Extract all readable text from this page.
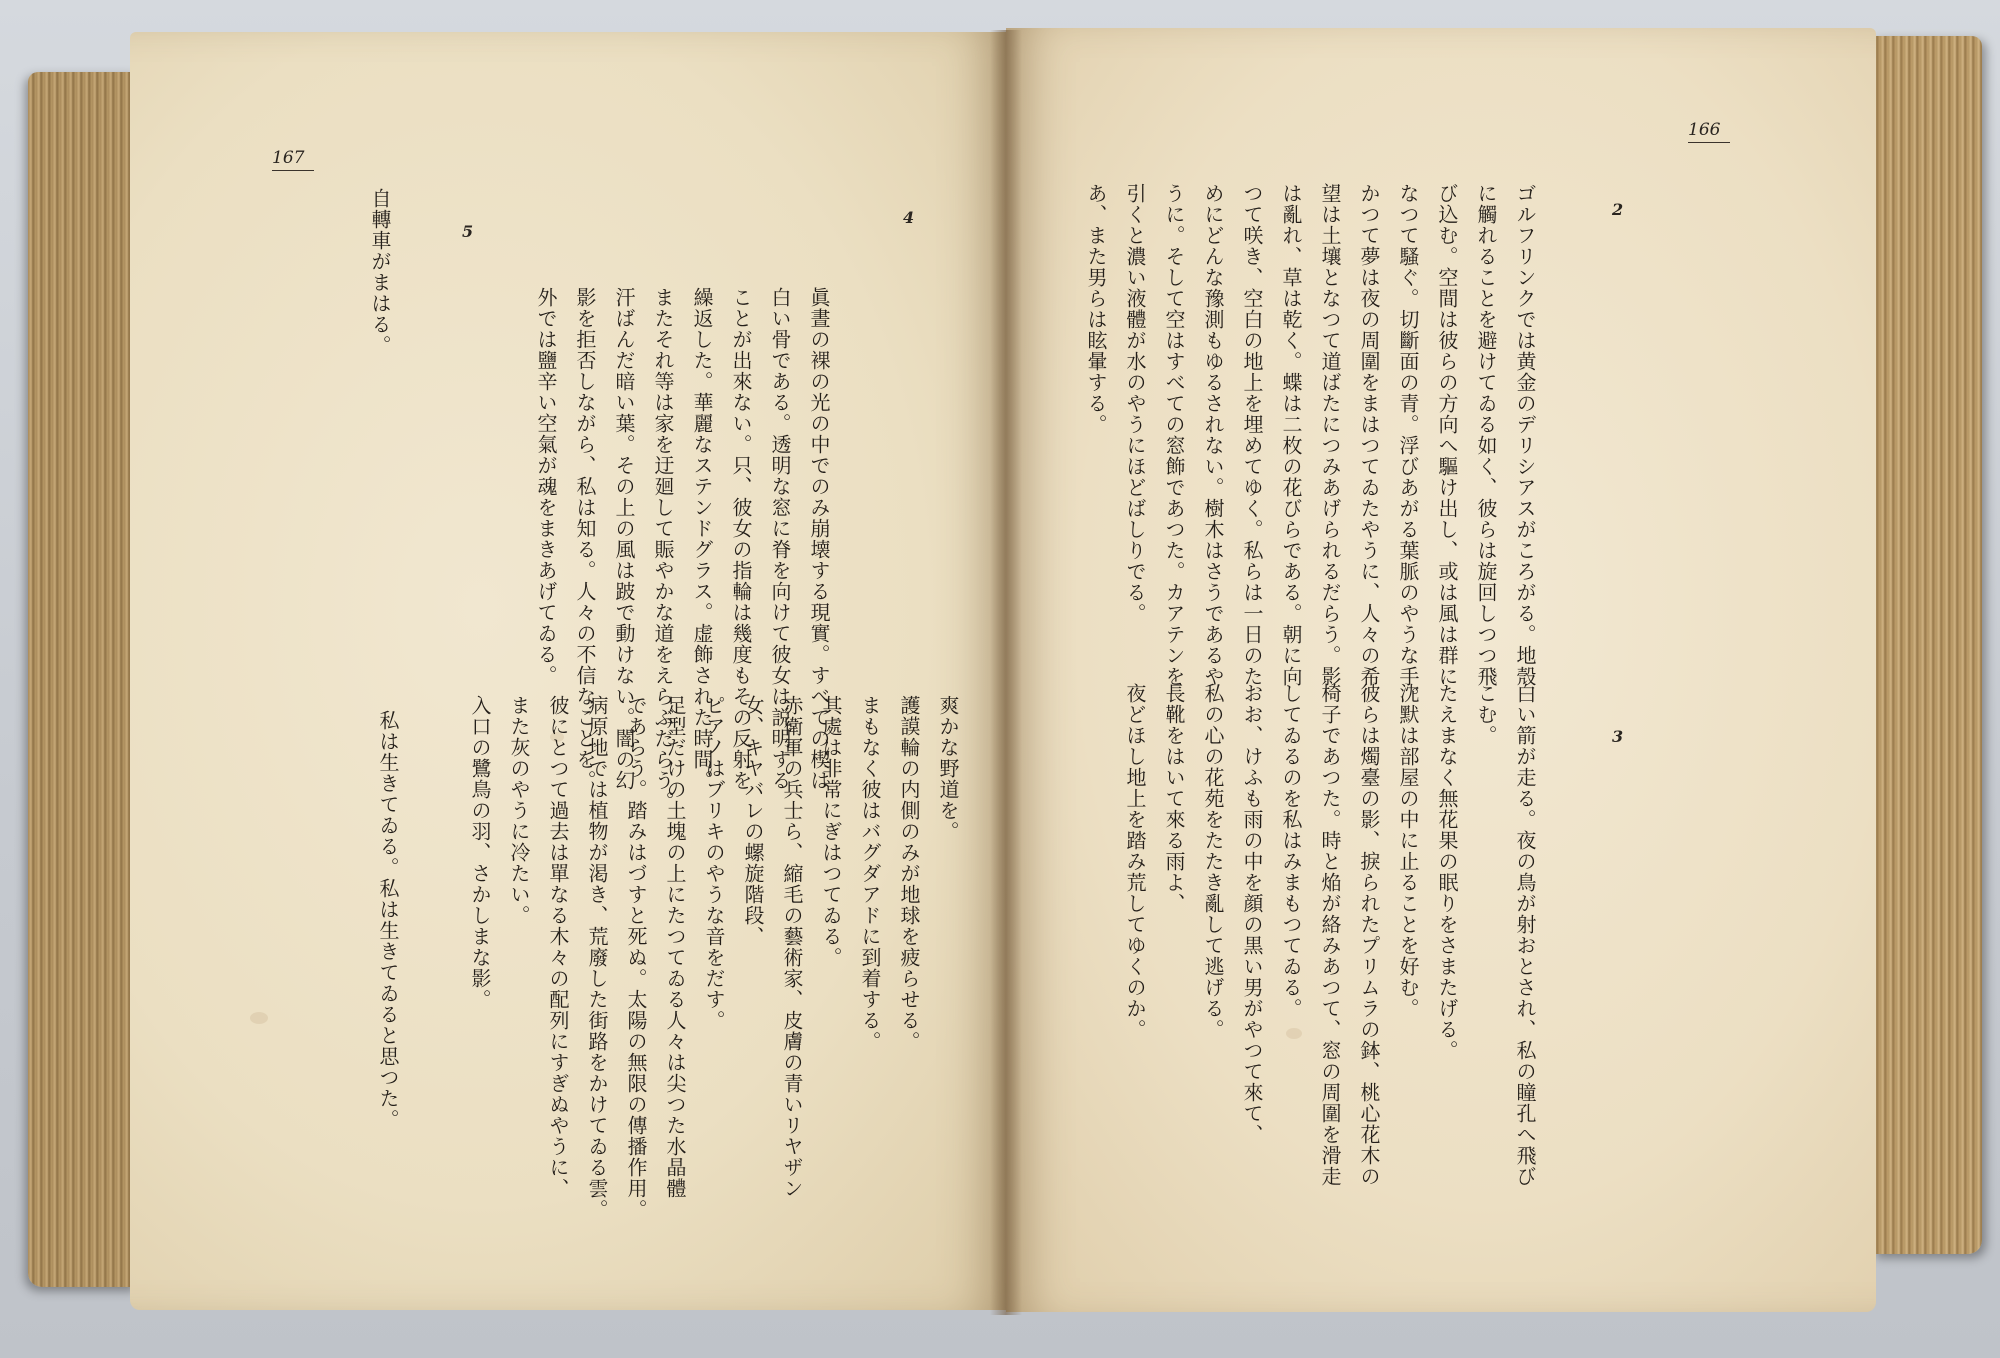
167
166
4
5
2
3
眞晝の裸の光の中でのみ崩壊する現實。すべての楔は
白い骨である。透明な窓に脊を向けて彼女は説明する
ことが出來ない。只、彼女の指輪は幾度もその反射を
繰返した。華麗なステンドグラス。虚飾された時間。
またそれ等は家を迂廻して賑やかな道をえらぶだらう。
汗ばんだ暗い葉。その上の風は跛で動けない。闇の幻
影を拒否しながら、私は知る。人々の不信なことを。
外では鹽辛い空氣が魂をまきあげてゐる。
自轉車がまはる。
爽かな野道を。
護謨輪の内側のみが地球を疲らせる。
まもなく彼はバグダアドに到着する。
其處は非常にぎはつてゐる。
赤衛軍の兵士ら、縮毛の藝術家、皮膚の青いリヤザン
女、キヤバレの螺旋階段、
ピアノはブリキのやうな音をだす。
足型だけの土塊の上にたつてゐる人々は尖つた水晶體
であらう。踏みはづすと死ぬ。太陽の無限の傳播作用。
病原地では植物が渇き、荒廢した街路をかけてゐる雲。
彼にとつて過去は單なる木々の配列にすぎぬやうに、
また灰のやうに冷たい。
入口の鷺鳥の羽、さかしまな影。
私は生きてゐる。私は生きてゐると思つた。
ゴルフリンクでは黄金のデリシアスがころがる。地殼
に觸れることを避けてゐる如く、彼らは旋回しつつ飛
び込む。空間は彼らの方向へ驅け出し、或は風は群に
なつて騷ぐ。切斷面の青。浮びあがる葉脈のやうな手。
かつて夢は夜の周圍をまはつてゐたやうに、人々の希
望は土壤となつて道ばたにつみあげられるだらう。影
は亂れ、草は乾く。蝶は二枚の花びらである。朝に向
つて咲き、空白の地上を埋めてゆく。私らは一日のた
めにどんな豫測もゆるされない。樹木はさうであるや
うに。そして空はすべての窓飾であつた。カアテンを
引くと濃い液體が水のやうにほどばしりでる。
あ、また男らは眩暈する。
白い箭が走る。夜の鳥が射おとされ、私の瞳孔へ飛び
こむ。
たえまなく無花果の眠りをさまたげる。
沈默は部屋の中に止ることを好む。
彼らは燭臺の影、捩られたプリムラの鉢、桃心花木の
椅子であつた。時と焔が絡みあつて、窓の周圍を滑走
してゐるのを私はみまもつてゐる。
おお、けふも雨の中を顔の黒い男がやつて來て、
私の心の花苑をたたき亂して逃げる。
長靴をはいて來る雨よ、
夜どほし地上を踏み荒してゆくのか。
